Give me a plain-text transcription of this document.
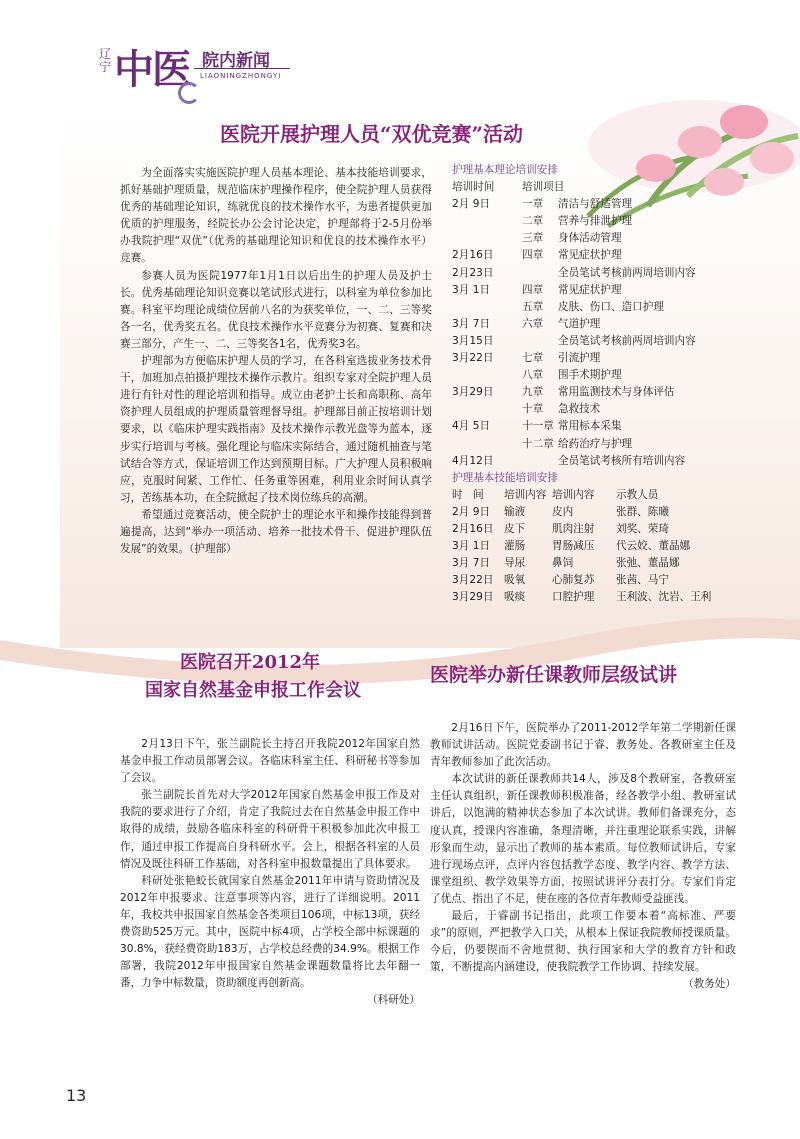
辽宁 中医 院内新闻
LIAONINGZHONGYI
医院开展护理人员“双优竞赛”活动

为全面落实实施医院护理人员基本理论、基本技能培训要求，抓好基础护理质量，规范临床护理操作程序，使全院护理人员获得优秀的基础理论知识，练就优良的技术操作水平，为患者提供更加优质的护理服务，经院长办公会讨论决定，护理部将于2-5月份举办我院护理“双优”（优秀的基础理论知识和优良的技术操作水平）竞赛。

参赛人员为医院1977年1月1日以后出生的护理人员及护士长。优秀基础理论知识竞赛以笔试形式进行，以科室为单位参加比赛。科室平均理论成绩位居前八名的为获奖单位，一、二、三等奖各一名，优秀奖五名。优良技术操作水平竞赛分为初赛、复赛和决赛三部分，产生一、二、三等奖各1名，优秀奖3名。

护理部为方便临床护理人员的学习，在各科室选拔业务技术骨干，加班加点拍摄护理技术操作示教片。组织专家对全院护理人员进行有针对性的理论培训和指导。成立由老护士长和高职称、高年资护理人员组成的护理质量管理督导组。护理部目前正按培训计划要求，以《临床护理实践指南》及技术操作示教光盘等为蓝本，逐步实行培训与考核。强化理论与临床实际结合，通过随机抽查与笔试结合等方式，保证培训工作达到预期目标。广大护理人员积极响应，克服时间紧、工作忙、任务重等困难，利用业余时间认真学习，苦练基本功，在全院掀起了技术岗位练兵的高潮。

希望通过竞赛活动，使全院护士的理论水平和操作技能得到普遍提高，达到“举办一项活动、培养一批技术骨干、促进护理队伍发展”的效果。（护理部）

护理基本理论培训安排
培训时间	培训项目
2月 9日	一章	清洁与舒适管理
二章	营养与排泄护理
三章	身体活动管理
2月16日	四章	常见症状护理
2月23日	全员笔试考核前两周培训内容
3月 1日	四章	常见症状护理
五章	皮肤、伤口、造口护理
3月 7日	六章	气道护理
3月15日	全员笔试考核前两周培训内容
3月22日	七章	引流护理
八章	围手术期护理
3月29日	九章	常用监测技术与身体评估
十章	急救技术
4月 5日	十一章 常用标本采集
十二章 给药治疗与护理
4月12日	全员笔试考核所有培训内容
护理基本技能培训安排
时　间	培训内容 培训内容	示教人员
2月 9日	输液	皮内	张群、陈曦
2月16日 皮下	肌肉注射	刘奖、荣琦
3月 1日	灌肠	胃肠减压	代云姣、董晶娜
3月 7日	导尿	鼻饲	张弛、董晶娜
3月22日 吸氧	心肺复苏	张茜、马宁
3月29日 吸痰	口腔护理	王利波、沈岩、王利
医院召开2012年
国家自然基金申报工作会议

2月13日下午，张兰副院长主持召开我院2012年国家自然基金申报工作动员部署会议。各临床科室主任、科研秘书等参加了会议。

张兰副院长首先对大学2012年国家自然基金申报工作及对我院的要求进行了介绍，肯定了我院过去在自然基金申报工作中取得的成绩，鼓励各临床科室的科研骨干积极参加此次申报工作，通过申报工作提高自身科研水平。会上，根据各科室的人员情况及既往科研工作基础，对各科室申报数量提出了具体要求。

科研处张艳蛟长就国家自然基金2011年申请与资助情况及2012年申报要求、注意事项等内容，进行了详细说明。2011年，我校共申报国家自然基金各类项目106项，中标13项，获经费资助525万元。其中，医院中标4项，占学校全部中标课题的30.8%，获经费资助183万，占学校总经费的34.9%。根据工作部署，我院2012年申报国家自然基金课题数量将比去年翻一番，力争中标数量，资助额度再创新高。

（科研处）
医院举办新任课教师层级试讲

2月16日下午，医院举办了2011-2012学年第二学期新任课教师试讲活动。医院党委副书记于睿、教务处、各教研室主任及青年教师参加了此次活动。

本次试讲的新任课教师共14人，涉及8个教研室，各教研室主任认真组织，新任课教师积极准备，经各教学小组、教研室试讲后，以饱满的精神状态参加了本次试讲。教师们备课充分，态度认真，授课内容准确，条理清晰，并注重理论联系实践，讲解形象而生动，显示出了教师的基本素质。每位教师试讲后，专家进行现场点评，点评内容包括教学态度、教学内容、教学方法、课堂组织、教学效果等方面，按照试讲评分表打分。专家们肯定了优点、指出了不足，使在座的各位青年教师受益匪浅。

最后，于睿副书记指出，此项工作要本着“高标准、严要求”的原则，严把教学入口关，从根本上保证我院教师授课质量。今后，仍要锲而不舍地贯彻、执行国家和大学的教育方针和政策，不断提高内涵建设，使我院教学工作协调、持续发展。

（教务处）
13
